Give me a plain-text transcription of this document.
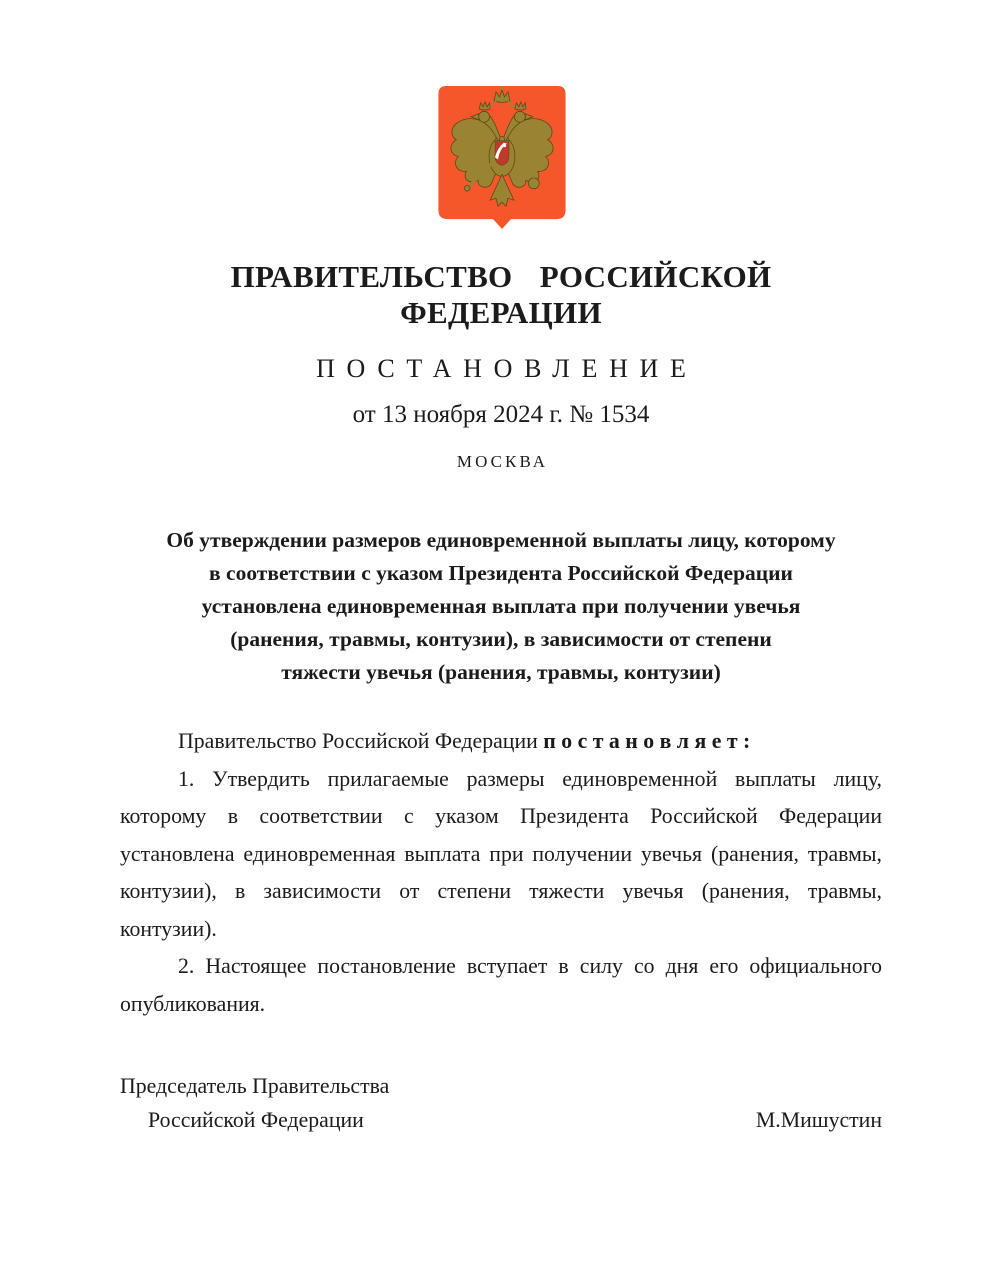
ПРАВИТЕЛЬСТВО РОССИЙСКОЙ ФЕДЕРАЦИИ
ПОСТАНОВЛЕНИЕ
от 13 ноября 2024 г. № 1534
МОСКВА
Об утверждении размеров единовременной выплаты лицу, которому
в соответствии с указом Президента Российской Федерации
установлена единовременная выплата при получении увечья
(ранения, травмы, контузии), в зависимости от степени
тяжести увечья (ранения, травмы, контузии)

Правительство Российской Федерации п о с т а н о в л я е т :

1. Утвердить прилагаемые размеры единовременной выплаты лицу, которому в соответствии с указом Президента Российской Федерации установлена единовременная выплата при получении увечья (ранения, травмы, контузии), в зависимости от степени тяжести увечья (ранения, травмы, контузии).

2. Настоящее постановление вступает в силу со дня его официального опубликования.

Председатель Правительства
Российской Федерации	М.Мишустин
